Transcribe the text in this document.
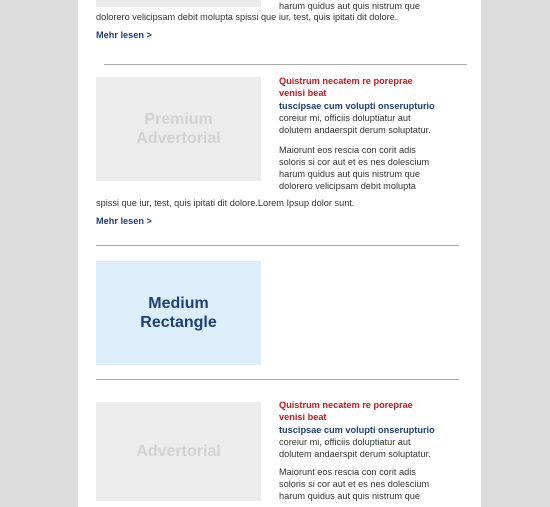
harum quidus aut quis nistrum que
dolorero velicipsam debit molupta spissi que iur, test, quis ipitati dit dolore.
Mehr lesen >
Premium
Advertorial
Quistrum necatem re poreprae
venisi beat
tuscipsae cum volupti onserupturio
coreiur mi, officiis doluptiatur aut
dolutem andaerspit derum soluptatur.
Maiorunt eos rescia con corit adis
soloris si cor aut et es nes dolescium
harum quidus aut quis nistrum que
dolorero velicipsam debit molupta
spissi que iur, test, quis ipitati dit dolore.Lorem Ipsup dolor sunt.
Mehr lesen >
Medium
Rectangle
Advertorial
Quistrum necatem re poreprae
venisi beat
tuscipsae cum volupti onserupturio
coreiur mi, officiis doluptiatur aut
dolutem andaerspit derum soluptatur.
Maiorunt eos rescia con corit adis
soloris si cor aut et es nes dolescium
harum quidus aut quis nistrum que
